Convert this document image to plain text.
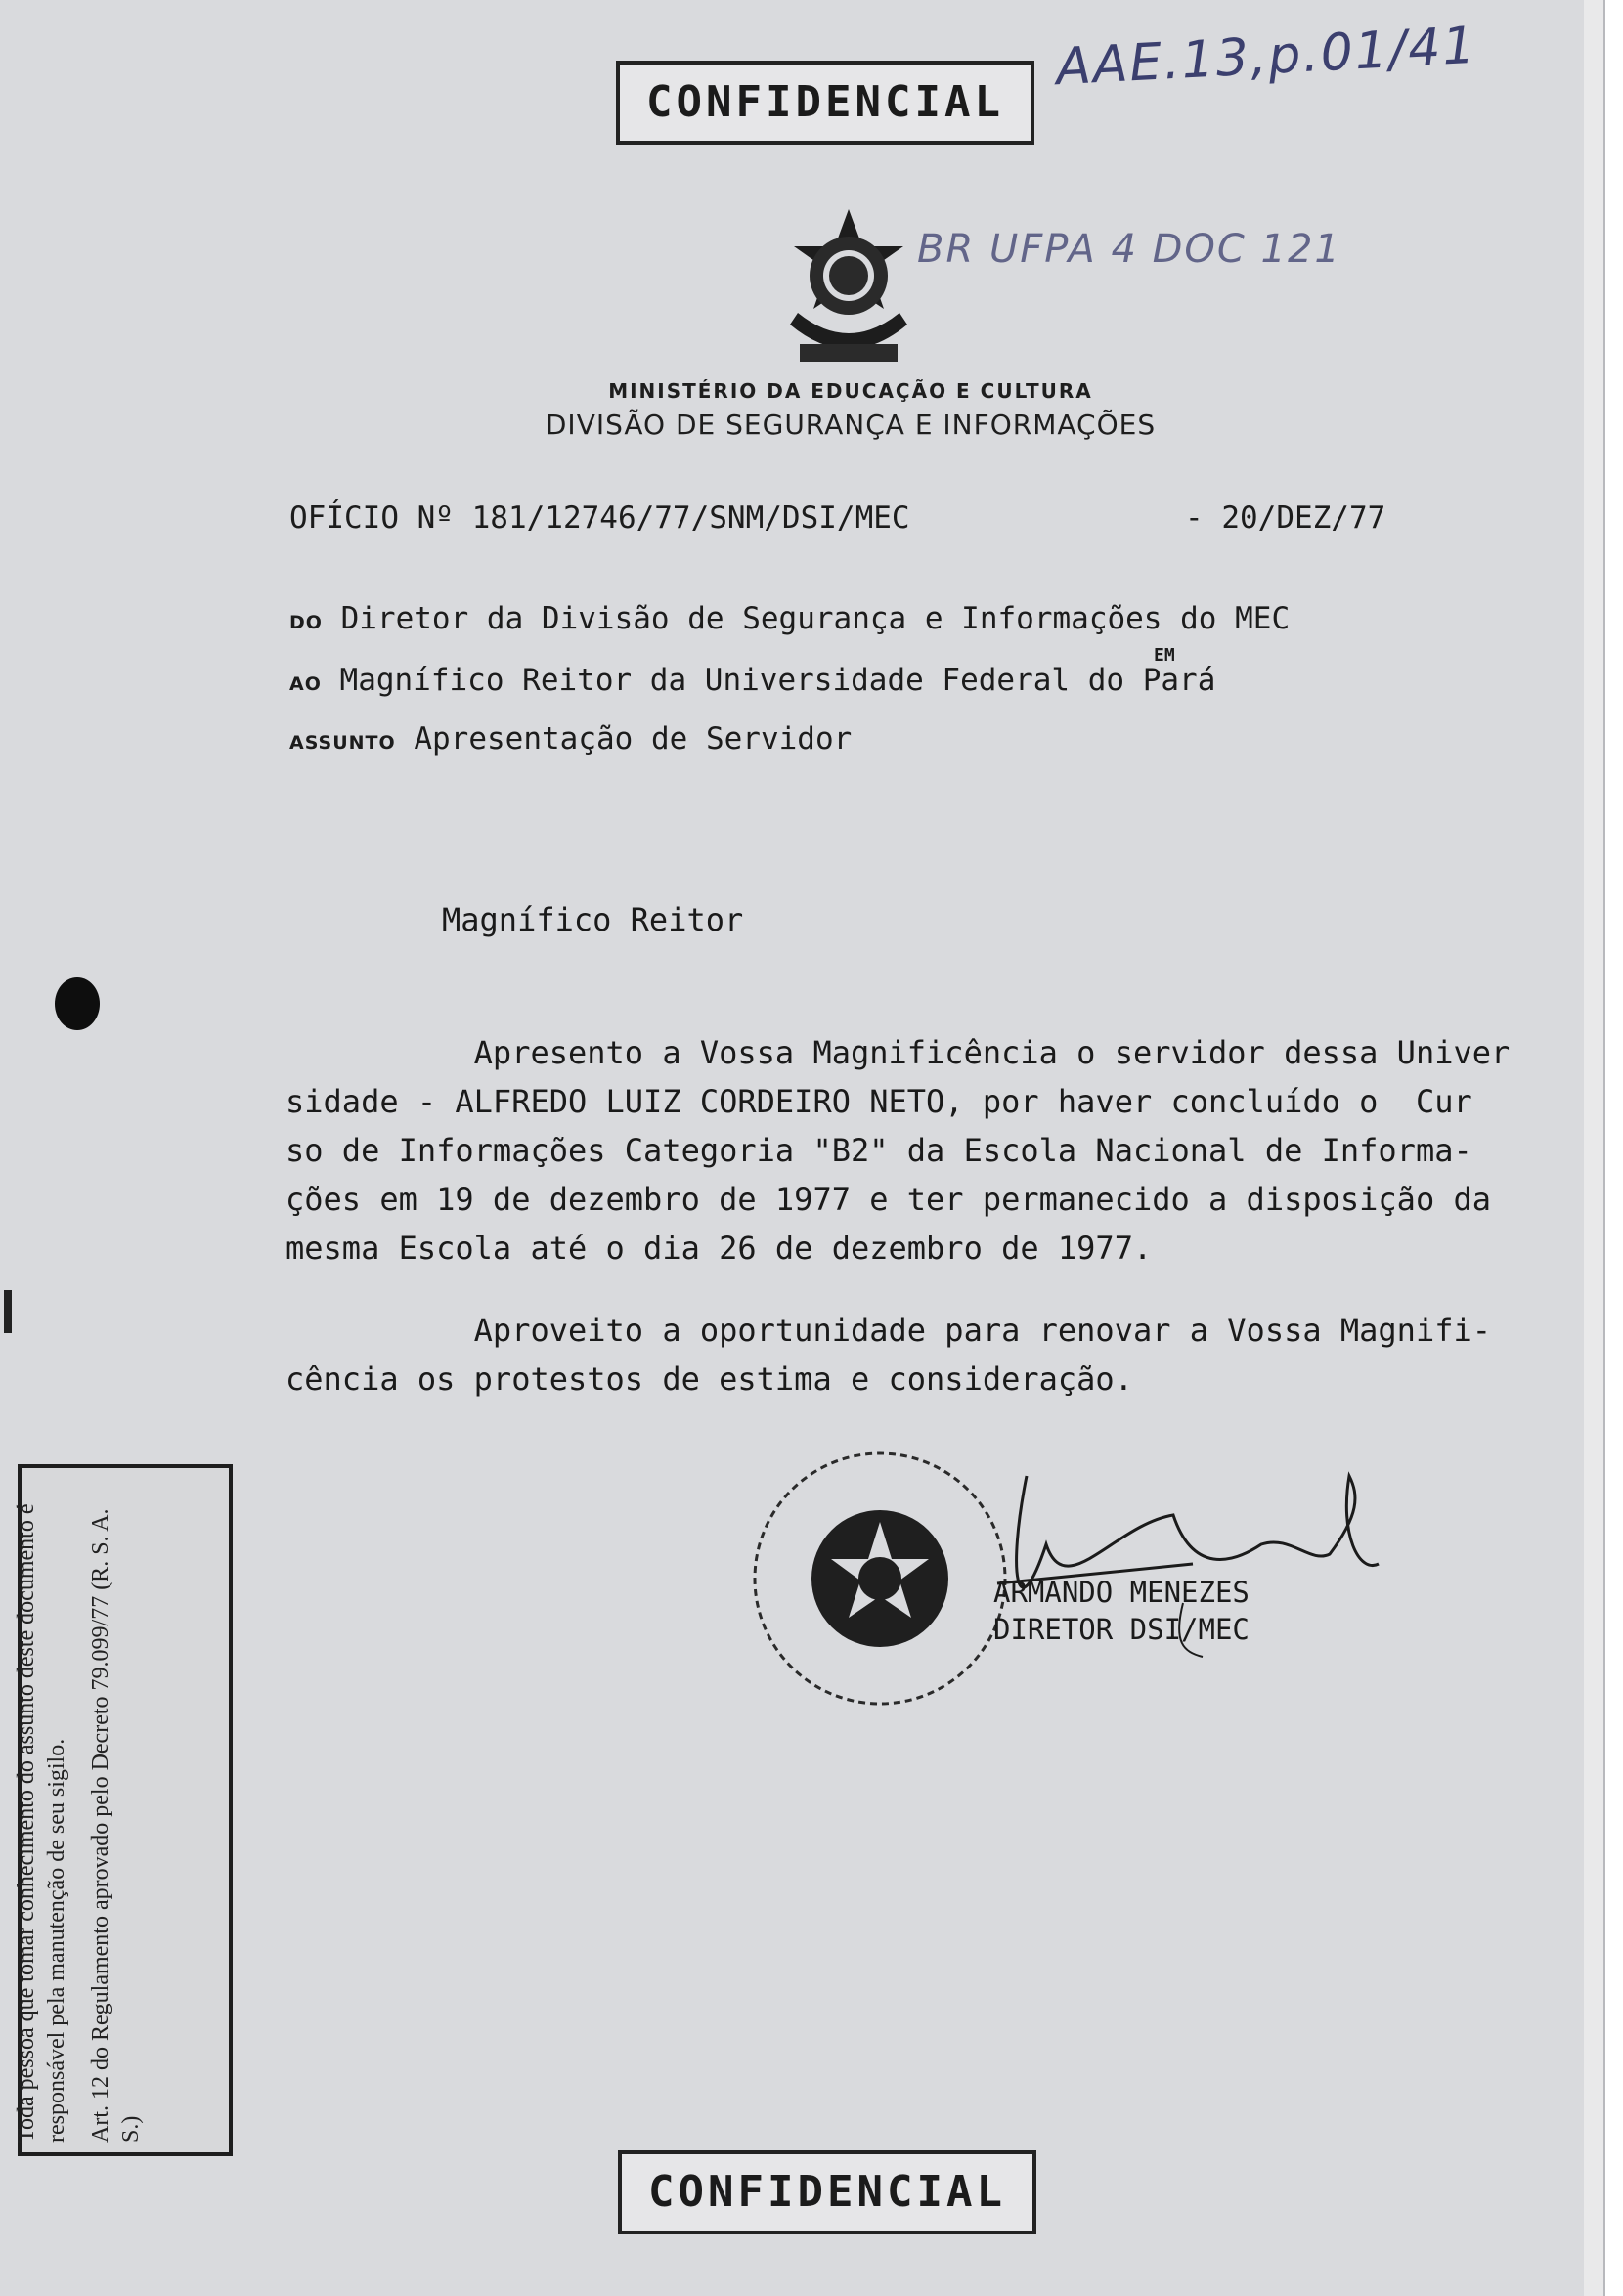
CONFIDENCIAL
AAE.13,p.01/41
BR UFPA 4 DOC 121
MINISTÉRIO DA EDUCAÇÃO E CULTURA
DIVISÃO DE SEGURANÇA E INFORMAÇÕES
OFÍCIO Nº 181/12746/77/SNM/DSI/MEC	- 20/DEZ/77
DO Diretor da Divisão de Segurança e Informações do MEC
EM
AO Magnífico Reitor da Universidade Federal do Pará
ASSUNTO Apresentação de Servidor
Magnífico Reitor
Apresento a Vossa Magnificência o servidor dessa Univer
sidade - ALFREDO LUIZ CORDEIRO NETO, por haver concluído o  Cur
so de Informações Categoria "B2" da Escola Nacional de Informa-
ções em 19 de dezembro de 1977 e ter permanecido a disposição da
mesma Escola até o dia 26 de dezembro de 1977.
Aproveito a oportunidade para renovar a Vossa Magnifi-
cência os protestos de estima e consideração.
ARMANDO MENEZES
DIRETOR DSI/MEC

Toda pessoa que tomar conhecimento do assunto deste documento é responsável pela manutenção de seu sigilo. Art. 12 do Regulamento aprovado pelo Decreto 79.099/77 (R. S. A. S.)

CONFIDENCIAL
